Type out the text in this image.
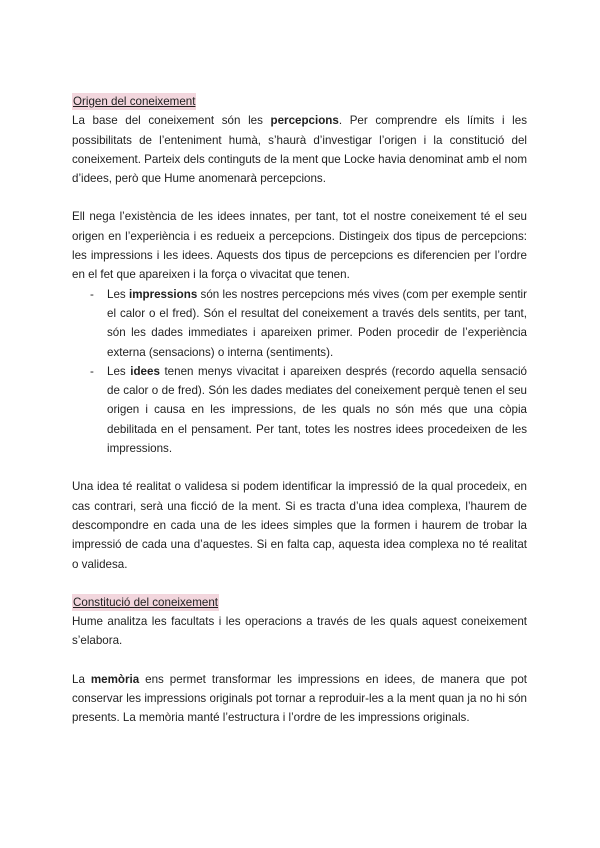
Origen del coneixement

La base del coneixement són les percepcions. Per comprendre els límits i les possibilitats de l’enteniment humà, s’haurà d’investigar l’origen i la constitució del coneixement. Parteix dels continguts de la ment que Locke havia denominat amb el nom d’idees, però que Hume anomenarà percepcions.

Ell nega l’existència de les idees innates, per tant, tot el nostre coneixement té el seu origen en l’experiència i es redueix a percepcions. Distingeix dos tipus de percepcions: les impressions i les idees. Aquests dos tipus de percepcions es diferencien per l’ordre en el fet que apareixen i la força o vivacitat que tenen.

- Les impressions són les nostres percepcions més vives (com per exemple sentir el calor o el fred). Són el resultat del coneixement a través dels sentits, per tant, són les dades immediates i apareixen primer. Poden procedir de l’experiència externa (sensacions) o interna (sentiments).
- Les idees tenen menys vivacitat i apareixen després (recordo aquella sensació de calor o de fred). Són les dades mediates del coneixement perquè tenen el seu origen i causa en les impressions, de les quals no són més que una còpia debilitada en el pensament. Per tant, totes les nostres idees procedeixen de les impressions.

Una idea té realitat o validesa si podem identificar la impressió de la qual procedeix, en cas contrari, serà una ficció de la ment. Si es tracta d’una idea complexa, l’haurem de descompondre en cada una de les idees simples que la formen i haurem de trobar la impressió de cada una d’aquestes. Si en falta cap, aquesta idea complexa no té realitat o validesa.

Constitució del coneixement

Hume analitza les facultats i les operacions a través de les quals aquest coneixement s’elabora.

La memòria ens permet transformar les impressions en idees, de manera que pot conservar les impressions originals pot tornar a reproduir-les a la ment quan ja no hi són presents. La memòria manté l’estructura i l’ordre de les impressions originals.
